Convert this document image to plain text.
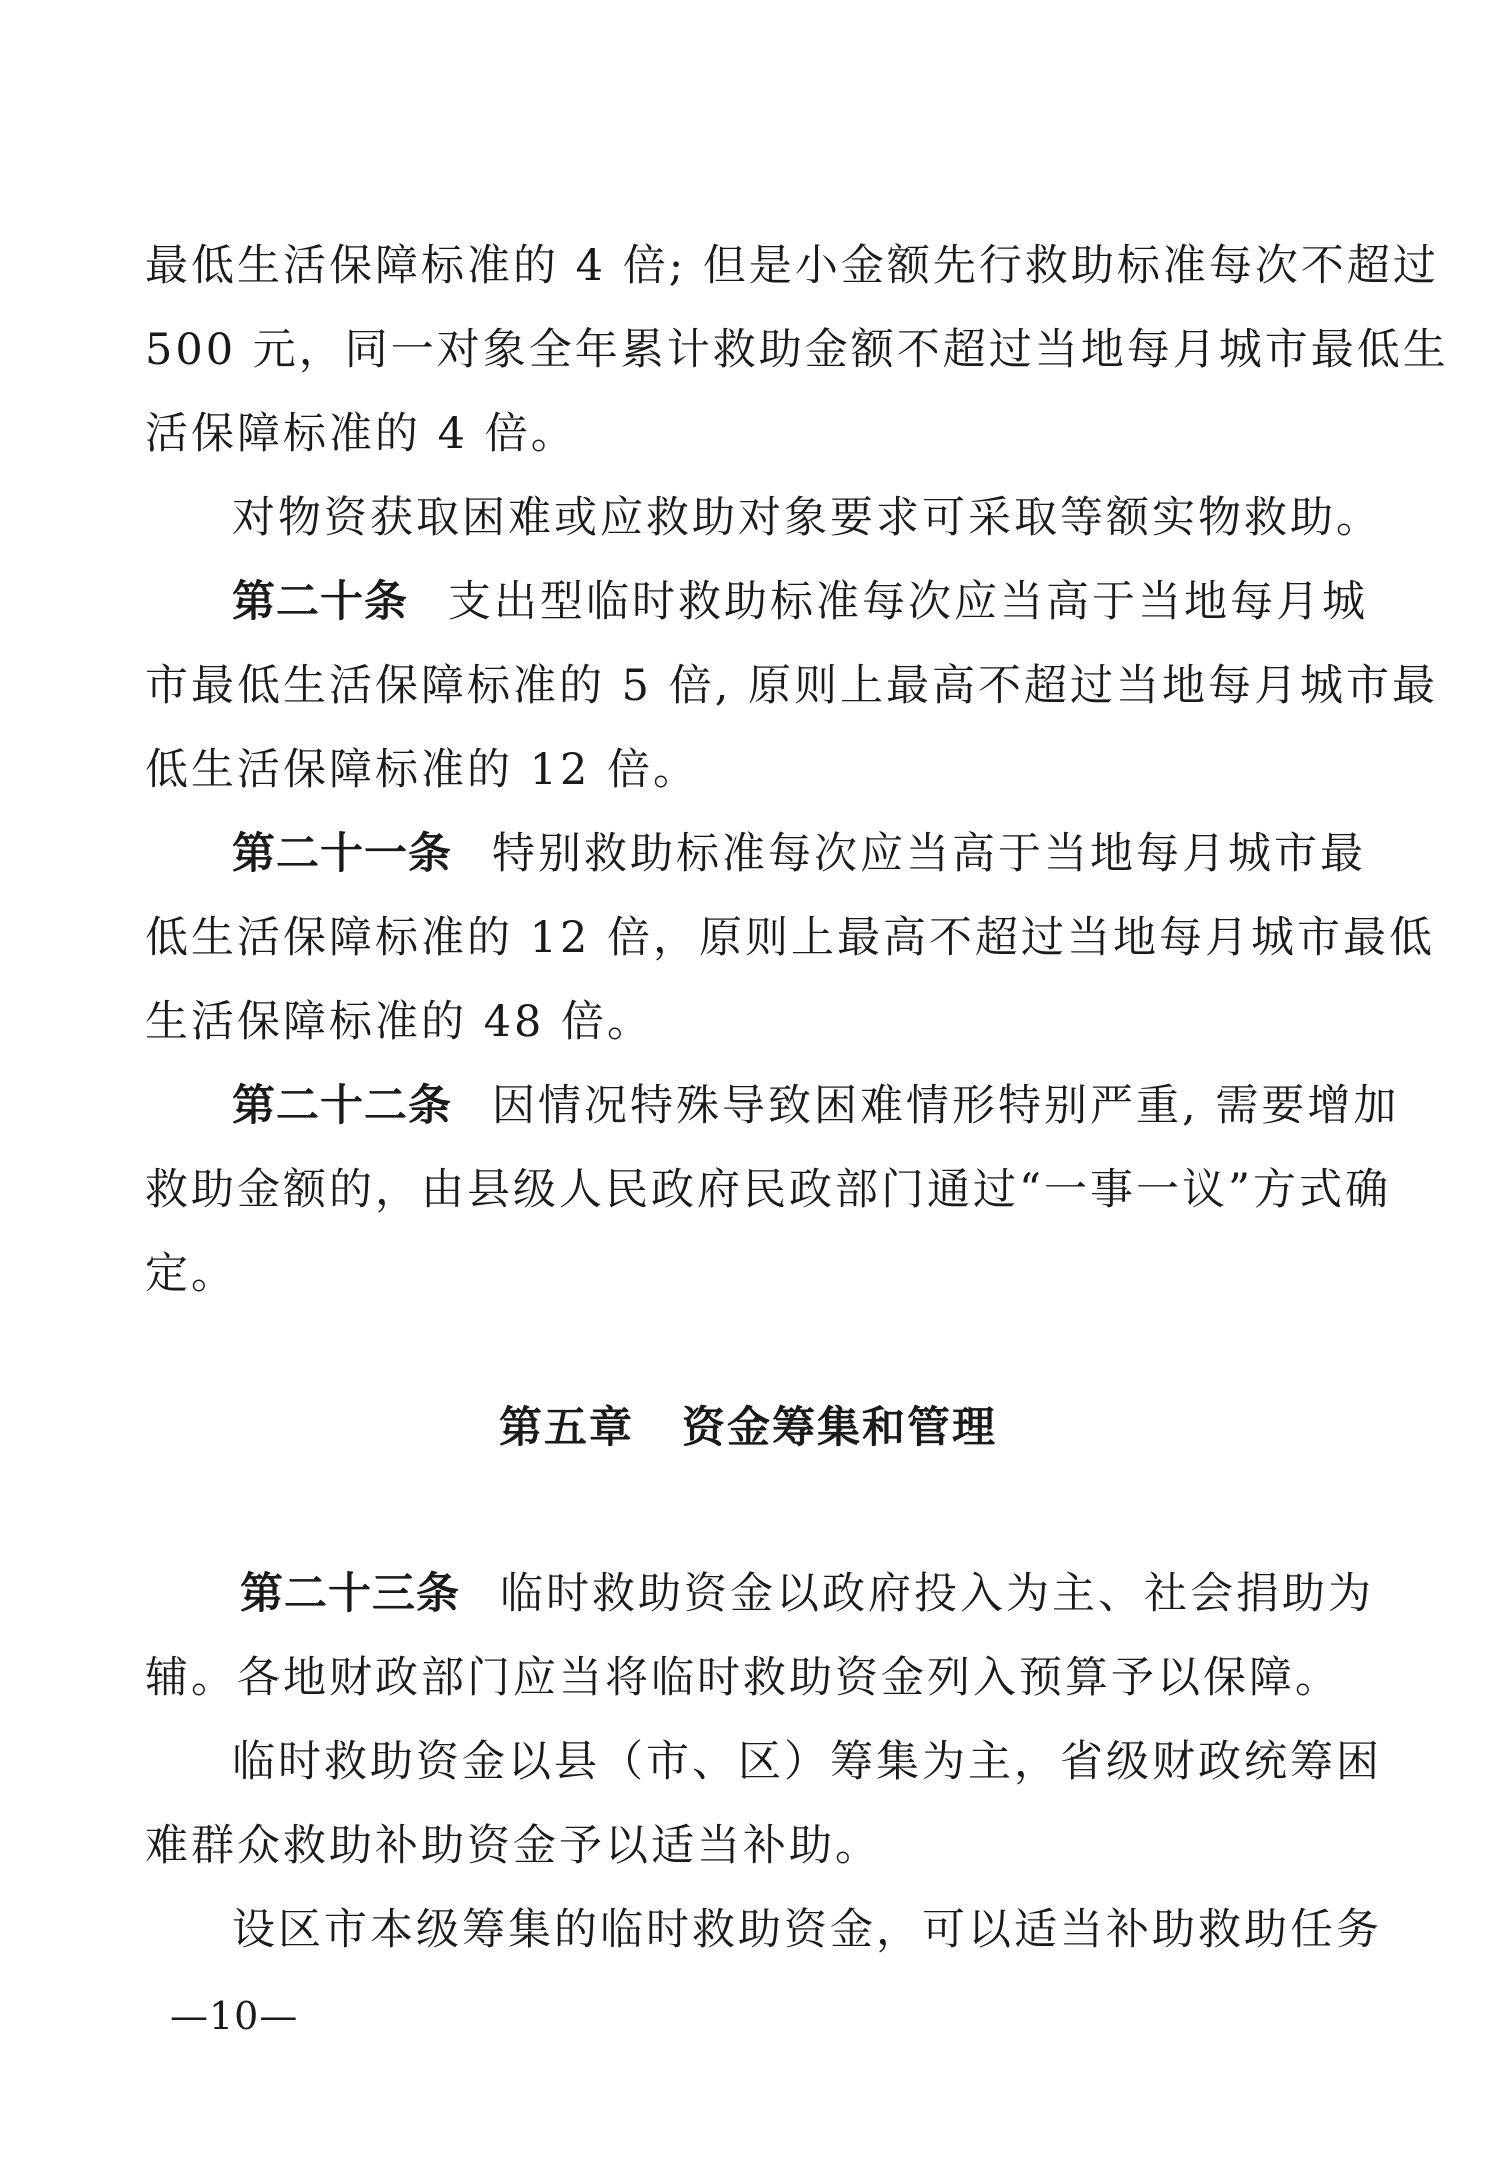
最低生活保障标准的 4 倍; 但是小金额先行救助标准每次不超过
500 元，同一对象全年累计救助金额不超过当地每月城市最低生
活保障标准的 4 倍。
对物资获取困难或应救助对象要求可采取等额实物救助。
第二十条 支出型临时救助标准每次应当高于当地每月城
市最低生活保障标准的 5 倍, 原则上最高不超过当地每月城市最
低生活保障标准的 12 倍。
第二十一条 特别救助标准每次应当高于当地每月城市最
低生活保障标准的 12 倍，原则上最高不超过当地每月城市最低
生活保障标准的 48 倍。
第二十二条 因情况特殊导致困难情形特别严重, 需要增加
救助金额的，由县级人民政府民政部门通过“一事一议”方式确
定。
第五章 资金筹集和管理
第二十三条 临时救助资金以政府投入为主、社会捐助为
辅。各地财政部门应当将临时救助资金列入预算予以保障。
临时救助资金以县（市、区）筹集为主，省级财政统筹困
难群众救助补助资金予以适当补助。
设区市本级筹集的临时救助资金，可以适当补助救助任务
—10—
